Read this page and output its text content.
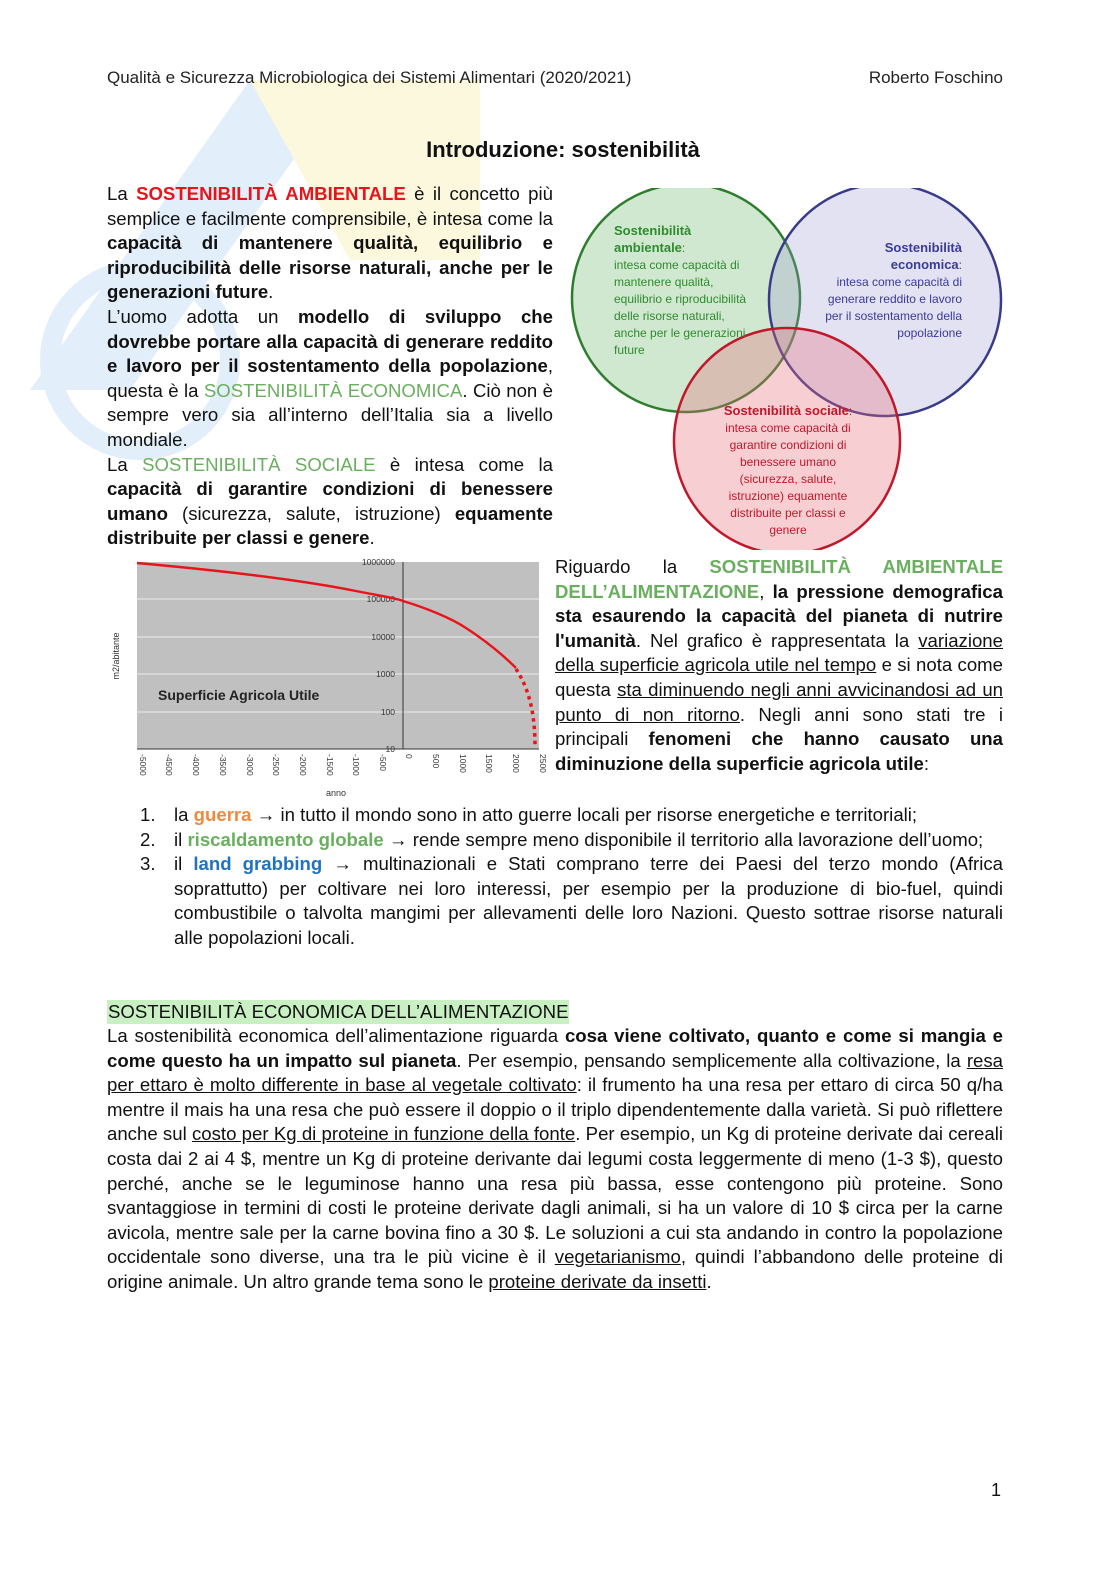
Qualità e Sicurezza Microbiologica dei Sistemi Alimentari (2020/2021)	Roberto Foschino
Introduzione: sostenibilità
La SOSTENIBILITÀ AMBIENTALE è il concetto più semplice e facilmente comprensibile, è intesa come la capacità di mantenere qualità, equilibrio e riproducibilità delle risorse naturali, anche per le generazioni future.
L’uomo adotta un modello di sviluppo che dovrebbe portare alla capacità di generare reddito e lavoro per il sostentamento della popolazione, questa è la SOSTENIBILITÀ ECONOMICA. Ciò non è sempre vero sia all’interno dell’Italia sia a livello mondiale.
La SOSTENIBILITÀ SOCIALE è intesa come la capacità di garantire condizioni di benessere umano (sicurezza, salute, istruzione) equamente distribuite per classi e genere.
Sostenibilità
ambientale:
intesa come capacità di
mantenere qualità,
equilibrio e riproducibilità
delle risorse naturali,
anche per le generazioni
future
Sostenibilità
economica:
intesa come capacità di
generare reddito e lavoro
per il sostentamento della
popolazione
Sostenibilità sociale:
intesa come capacità di
garantire condizioni di
benessere umano
(sicurezza, salute,
istruzione) equamente
distribuite per classi e
genere
1000000
100000
10000
1000
100
10
-5000 -4500 -4000 -3500 -3000 -2500 -2000 -1500 -1000 -500 0 500 1000 1500 2000 2500
anno
m2/abitante
Superficie Agricola Utile
Riguardo la SOSTENIBILITÀ AMBIENTALE DELL’ALIMENTAZIONE, la pressione demografica sta esaurendo la capacità del pianeta di nutrire l'umanità. Nel grafico è rappresentata la variazione della superficie agricola utile nel tempo e si nota come questa sta diminuendo negli anni avvicinandosi ad un punto di non ritorno. Negli anni sono stati tre i principali fenomeni che hanno causato una diminuzione della superficie agricola utile:
1. la guerra → in tutto il mondo sono in atto guerre locali per risorse energetiche e territoriali;
2. il riscaldamento globale → rende sempre meno disponibile il territorio alla lavorazione dell’uomo;
3. il land grabbing → multinazionali e Stati comprano terre dei Paesi del terzo mondo (Africa soprattutto) per coltivare nei loro interessi, per esempio per la produzione di bio-fuel, quindi combustibile o talvolta mangimi per allevamenti delle loro Nazioni. Questo sottrae risorse naturali alle popolazioni locali.
SOSTENIBILITÀ ECONOMICA DELL’ALIMENTAZIONE
La sostenibilità economica dell’alimentazione riguarda cosa viene coltivato, quanto e come si mangia e come questo ha un impatto sul pianeta. Per esempio, pensando semplicemente alla coltivazione, la resa per ettaro è molto differente in base al vegetale coltivato: il frumento ha una resa per ettaro di circa 50 q/ha mentre il mais ha una resa che può essere il doppio o il triplo dipendentemente dalla varietà. Si può riflettere anche sul costo per Kg di proteine in funzione della fonte. Per esempio, un Kg di proteine derivate dai cereali costa dai 2 ai 4 $, mentre un Kg di proteine derivante dai legumi costa leggermente di meno (1-3 $), questo perché, anche se le leguminose hanno una resa più bassa, esse contengono più proteine. Sono svantaggiose in termini di costi le proteine derivate dagli animali, si ha un valore di 10 $ circa per la carne avicola, mentre sale per la carne bovina fino a 30 $. Le soluzioni a cui sta andando in contro la popolazione occidentale sono diverse, una tra le più vicine è il vegetarianismo, quindi l’abbandono delle proteine di origine animale. Un altro grande tema sono le proteine derivate da insetti.
1
